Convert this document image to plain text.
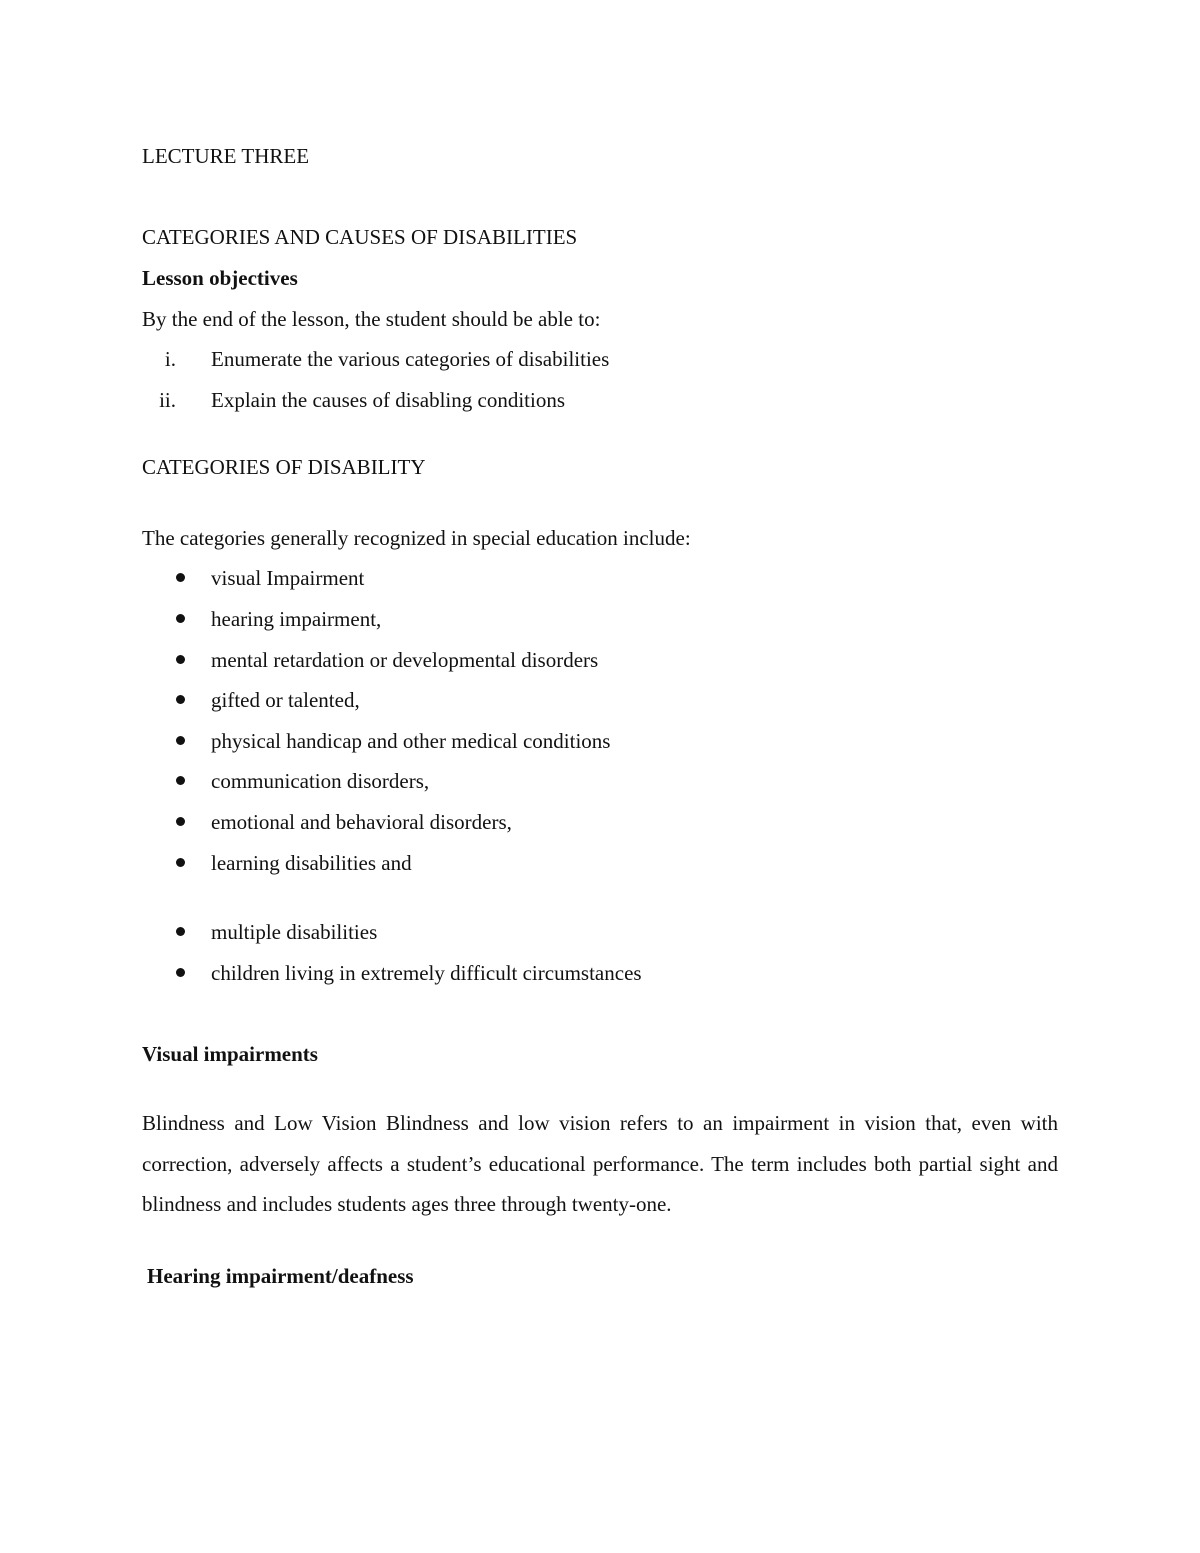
LECTURE THREE
CATEGORIES AND CAUSES OF DISABILITIES
Lesson objectives
By the end of the lesson, the student should be able to:
i. Enumerate the various categories of disabilities
ii. Explain the causes of disabling conditions
CATEGORIES OF DISABILITY
The categories generally recognized in special education include:
visual Impairment
hearing impairment,
mental retardation or developmental disorders
gifted or talented,
physical handicap and other medical conditions
communication disorders,
emotional and behavioral disorders,
learning disabilities and
multiple disabilities
children living in extremely difficult circumstances
Visual impairments
Blindness and Low Vision Blindness and low vision refers to an impairment in vision that, even with correction, adversely affects a student’s educational performance. The term includes both partial sight and blindness and includes students ages three through twenty-one.
Hearing impairment/deafness
